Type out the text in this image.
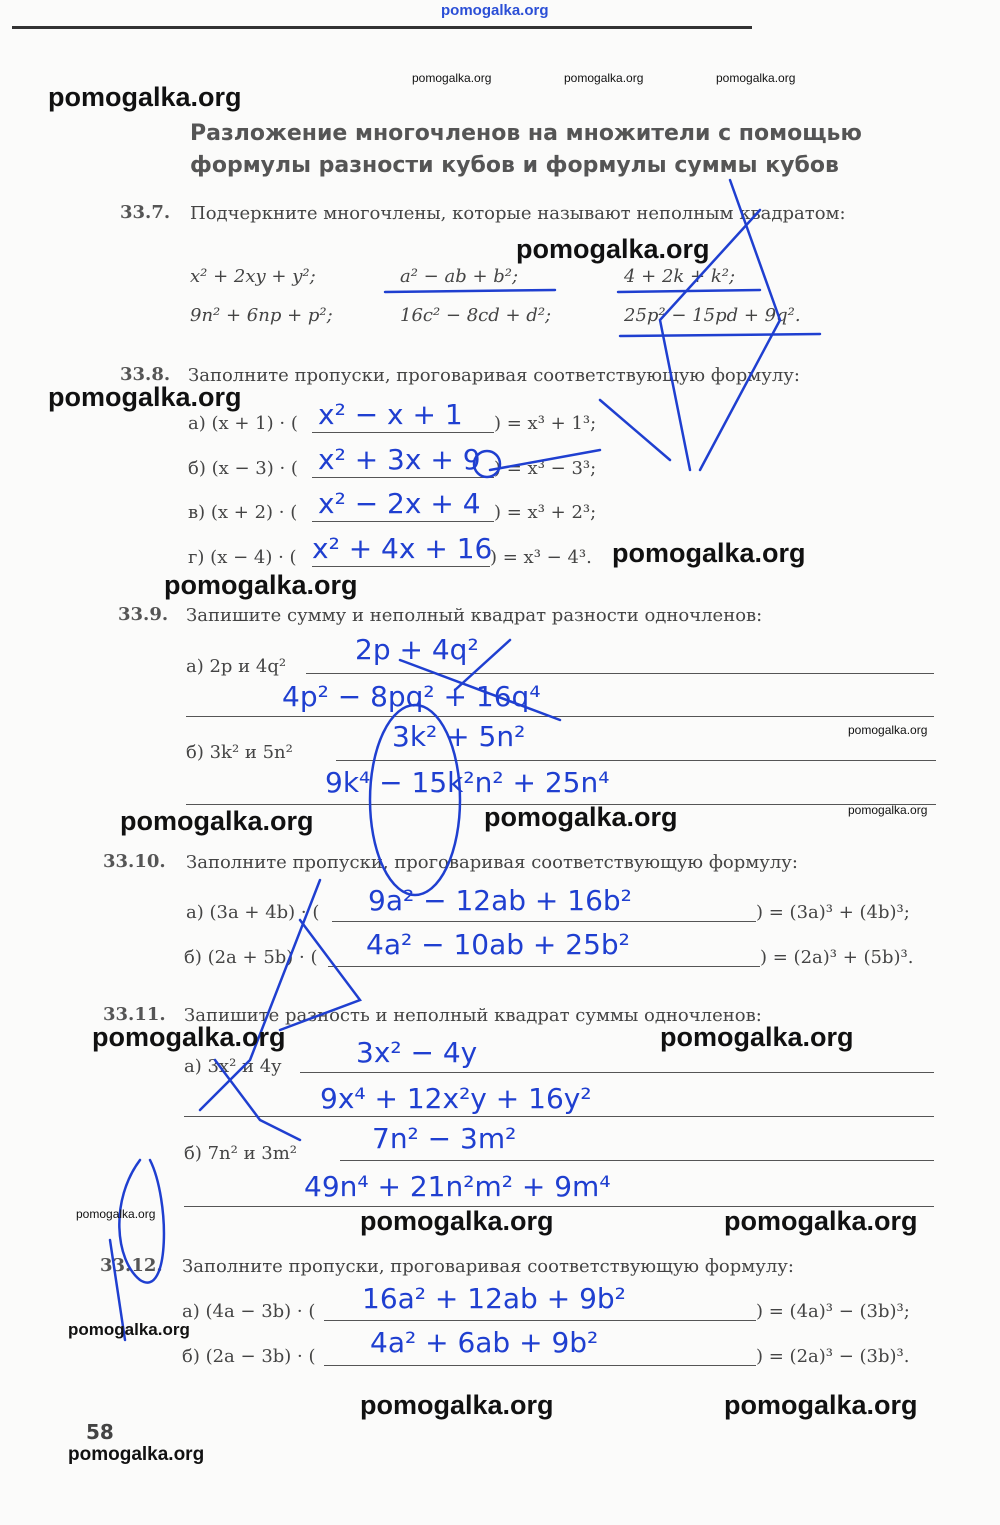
pomogalka.org
pomogalka.org	pomogalka.org	pomogalka.org
Разложение многочленов на множители с помощью формулы разности кубов и формулы суммы кубов
33.7. Подчеркните многочлены, которые называют неполным квадратом:
x² + 2xy + y²;	a² − ab + b²;	4 + 2k + k²;
9n² + 6np + p²;	16c² − 8cd + d²;	25p² − 15pd + 9q².
33.8. Заполните пропуски, проговаривая соответствующую формулу:
а) (x + 1) · (	) = x³ + 1³;
x² − x + 1
б) (x − 3) · (	) = x³ − 3³;
x² + 3x + 9
в) (x + 2) · (	) = x³ + 2³;
x² − 2x + 4
г) (x − 4) · (	) = x³ − 4³.
x² + 4x + 16
33.9. Запишите сумму и неполный квадрат разности одночленов:
а) 2p и 4q²
2p + 4q²
4p² − 8pq² + 16q⁴
б) 3k² и 5n²	3k² + 5n²
9k⁴ − 15k²n² + 25n⁴
33.10. Заполните пропуски, проговаривая соответствующую формулу:
а) (3a + 4b) · (	) = (3a)³ + (4b)³;
9a² − 12ab + 16b²
б) (2a + 5b) · (	) = (2a)³ + (5b)³.
4a² − 10ab + 25b²
33.11. Запишите разность и неполный квадрат суммы одночленов:
а) 3x² и 4y	3x² − 4y
9x⁴ + 12x²y + 16y²
б) 7n² и 3m²	7n² − 3m²
49n⁴ + 21n²m² + 9m⁴
33.12. Заполните пропуски, проговаривая соответствующую формулу:
а) (4a − 3b) · (	) = (4a)³ − (3b)³;
16a² + 12ab + 9b²
б) (2a − 3b) · (	) = (2a)³ − (3b)³.
4a² + 6ab + 9b²
58
pomogalka.org
pomogalka.org
pomogalka.org
pomogalka.org
pomogalka.org
pomogalka.org	pomogalka.org
pomogalka.org	pomogalka.org
pomogalka.org	pomogalka.org
pomogalka.org	pomogalka.org
pomogalka.org
pomogalka.org
pomogalka.org
pomogalka.org
pomogalka.org
